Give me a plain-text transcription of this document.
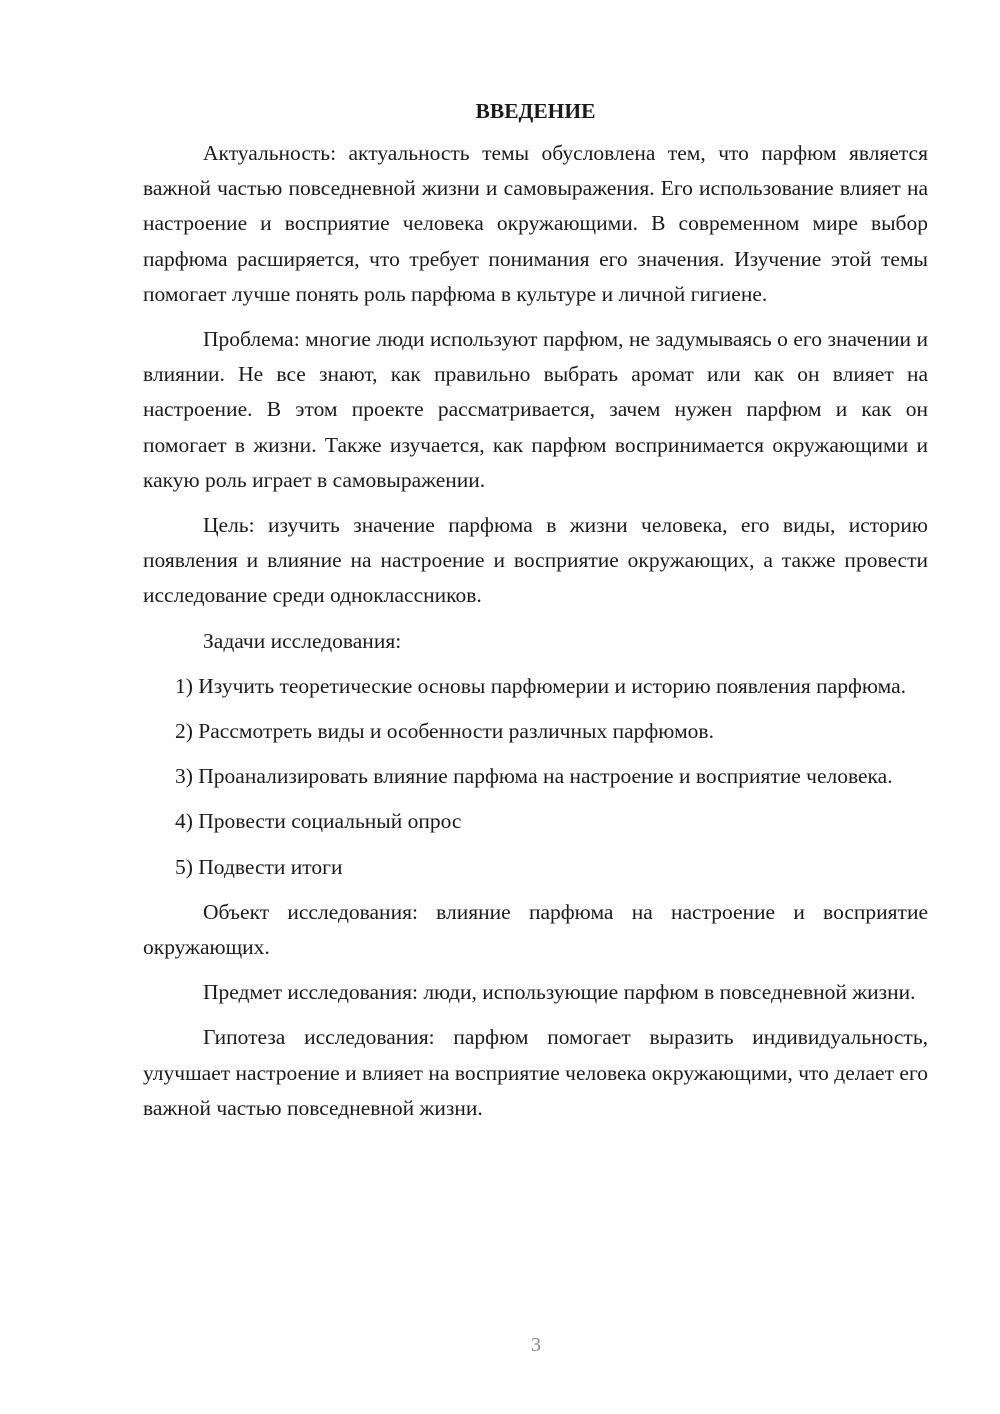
ВВЕДЕНИЕ

Актуальность: актуальность темы обусловлена тем, что парфюм является важной частью повседневной жизни и самовыражения. Его использование влияет на настроение и восприятие человека окружающими. В современном мире выбор парфюма расширяется, что требует понимания его значения. Изучение этой темы помогает лучше понять роль парфюма в культуре и личной гигиене.

Проблема: многие люди используют парфюм, не задумываясь о его значении и влиянии. Не все знают, как правильно выбрать аромат или как он влияет на настроение. В этом проекте рассматривается, зачем нужен парфюм и как он помогает в жизни. Также изучается, как парфюм воспринимается окружающими и какую роль играет в самовыражении.

Цель: изучить значение парфюма в жизни человека, его виды, историю появления и влияние на настроение и восприятие окружающих, а также провести исследование среди одноклассников.

Задачи исследования:

1) Изучить теоретические основы парфюмерии и историю появления парфюма.

2) Рассмотреть виды и особенности различных парфюмов.

3) Проанализировать влияние парфюма на настроение и восприятие человека.

4) Провести социальный опрос

5) Подвести итоги

Объект исследования: влияние парфюма на настроение и восприятие окружающих.

Предмет исследования: люди, использующие парфюм в повседневной жизни.

Гипотеза исследования: парфюм помогает выразить индивидуальность, улучшает настроение и влияет на восприятие человека окружающими, что делает его важной частью повседневной жизни.

3
